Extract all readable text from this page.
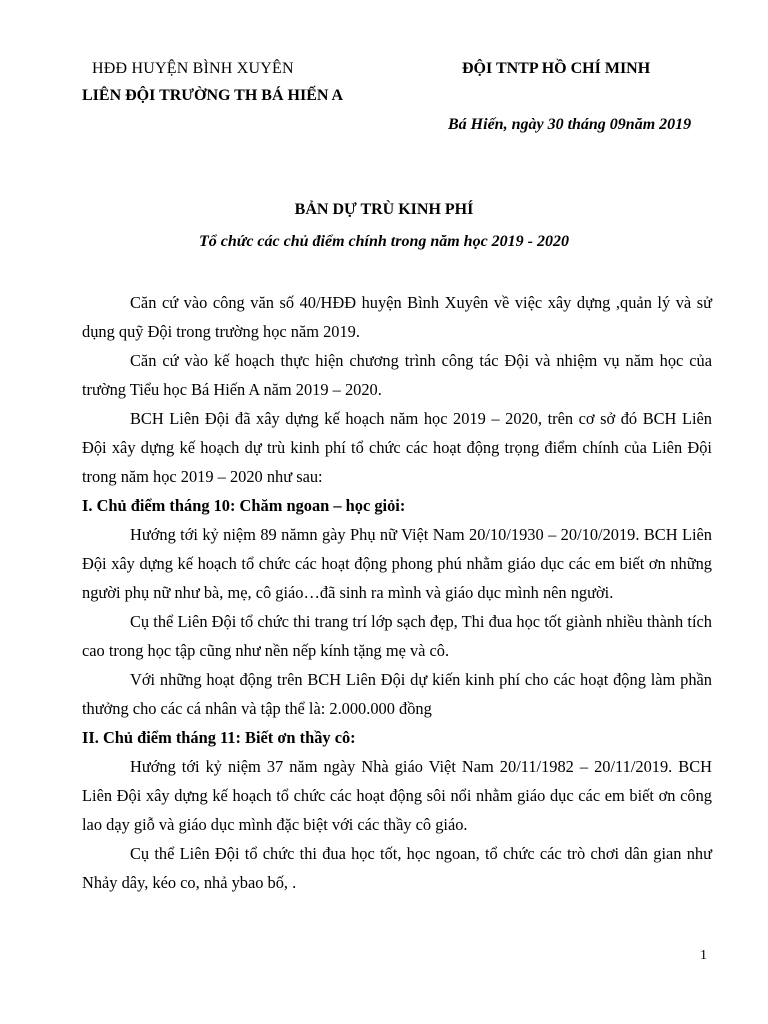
HĐĐ HUYỆN BÌNH XUYÊN
LIÊN ĐỘI TRƯỜNG TH BÁ HIẾN A
ĐỘI TNTP HỒ CHÍ MINH
Bá Hiến, ngày 30 tháng 09năm 2019
BẢN DỰ TRÙ KINH PHÍ
Tổ chức các chủ điểm chính trong năm học 2019 - 2020

Căn cứ vào công văn số 40/HĐĐ huyện Bình Xuyên về việc xây dựng ,quản lý và sử dụng quỹ Đội trong trường học năm 2019.

Căn cứ vào kế hoạch thực hiện chương trình công tác Đội và nhiệm vụ năm học của trường Tiểu học Bá Hiến A năm 2019 – 2020.

BCH Liên Đội đã xây dựng kế hoạch năm học 2019 – 2020, trên cơ sở đó BCH Liên Đội xây dựng kế hoạch dự trù kinh phí tổ chức các hoạt động trọng điểm chính của Liên Đội trong năm học 2019 – 2020 như sau:

I. Chủ điểm tháng 10: Chăm ngoan – học giỏi:

Hướng tới kỷ niệm 89 nămn gày Phụ nữ Việt Nam 20/10/1930 – 20/10/2019. BCH Liên Đội xây dựng kế hoạch tổ chức các hoạt động phong phú nhằm giáo dục các em biết ơn những người phụ nữ như bà, mẹ, cô giáo…đã sinh ra mình và giáo dục mình nên người.

Cụ thể Liên Đội tổ chức thi trang trí lớp sạch đẹp, Thi đua học tốt giành nhiều thành tích cao trong học tập cũng như nền nếp kính tặng mẹ và cô.

Với những hoạt động trên BCH Liên Đội dự kiến kinh phí cho các hoạt động làm phần thưởng cho các cá nhân và tập thể là: 2.000.000 đồng

II. Chủ điểm tháng 11: Biết ơn thầy cô:

Hướng tới kỷ niệm 37 năm ngày Nhà giáo Việt Nam 20/11/1982 – 20/11/2019. BCH Liên Đội xây dựng kế hoạch tổ chức các hoạt động sôi nổi nhằm giáo dục các em biết ơn công lao dạy giỗ và giáo dục mình đặc biệt với các thầy cô giáo.

Cụ thể Liên Đội tổ chức thi đua học tốt, học ngoan, tổ chức các trò chơi dân gian như Nhảy dây, kéo co, nhả ybao bố, .

1
